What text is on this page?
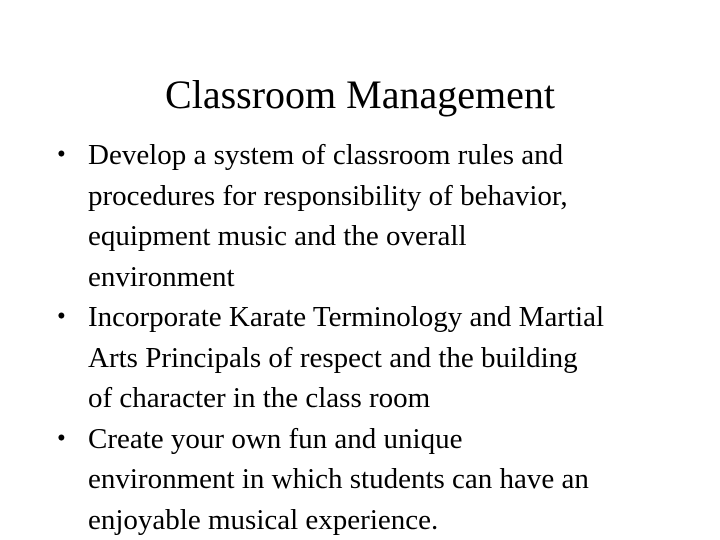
Classroom Management
• Develop a system of classroom rules and
procedures for responsibility of behavior,
equipment music and the overall
environment
• Incorporate Karate Terminology and Martial
Arts Principals of respect and the building
of character in the class room
• Create your own fun and unique
environment in which students can have an
enjoyable musical experience.
